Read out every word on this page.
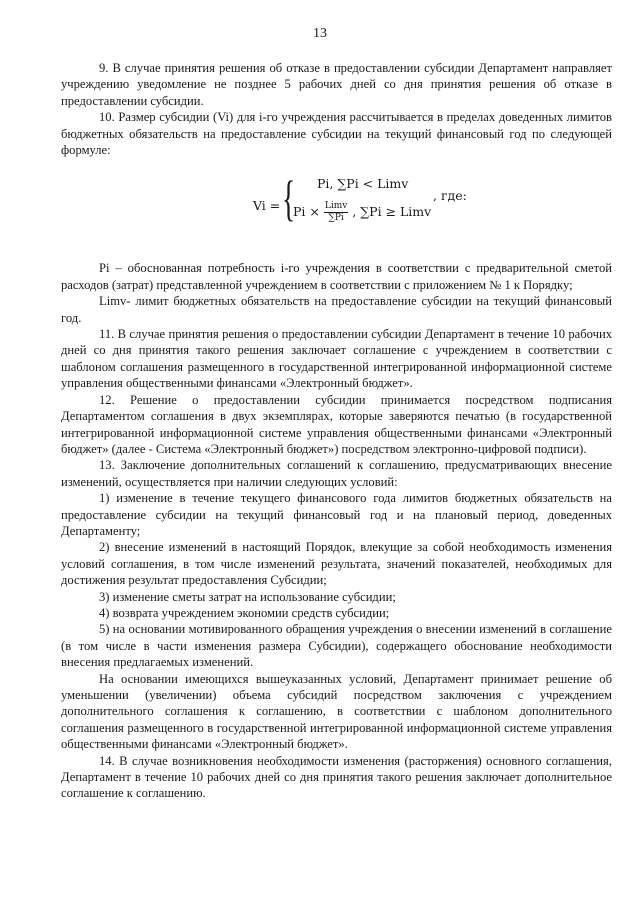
13

9. В случае принятия решения об отказе в предоставлении субсидии Департамент направляет учреждению уведомление не позднее 5 рабочих дней со дня принятия решения об отказе в предоставлении субсидии.

10. Размер субсидии (Vi) для i-го учреждения рассчитывается в пределах доведенных лимитов бюджетных обязательств на предоставление субсидии на текущий финансовый год по следующей формуле:

Vi = { Pi, ∑Pi < Limv
$Pi \times \frac{\text{Limv}}{\sum Pi}$ , ∑Pi ≥ Limv
, где:

Pi – обоснованная потребность i-го учреждения в соответствии с предварительной сметой расходов (затрат) представленной учреждением в соответствии с приложением № 1 к Порядку;

Limv- лимит бюджетных обязательств на предоставление субсидии на текущий финансовый год.

11. В случае принятия решения о предоставлении субсидии Департамент в течение 10 рабочих дней со дня принятия такого решения заключает соглашение с учреждением в соответствии с шаблоном соглашения размещенного в государственной интегрированной информационной системе управления общественными финансами «Электронный бюджет».

12. Решение о предоставлении субсидии принимается посредством подписания Департаментом соглашения в двух экземплярах, которые заверяются печатью (в государственной интегрированной информационной системе управления общественными финансами «Электронный бюджет» (далее - Система «Электронный бюджет») посредством электронно-цифровой подписи).

13. Заключение дополнительных соглашений к соглашению, предусматривающих внесение изменений, осуществляется при наличии следующих условий:

1) изменение в течение текущего финансового года лимитов бюджетных обязательств на предоставление субсидии на текущий финансовый год и на плановый период, доведенных Департаменту;

2) внесение изменений в настоящий Порядок, влекущие за собой необходимость изменения условий соглашения, в том числе изменений результата, значений показателей, необходимых для достижения результат предоставления Субсидии;

3) изменение сметы затрат на использование субсидии;

4) возврата учреждением экономии средств субсидии;

5) на основании мотивированного обращения учреждения о внесении изменений в соглашение (в том числе в части изменения размера Субсидии), содержащего обоснование необходимости внесения предлагаемых изменений.

На основании имеющихся вышеуказанных условий, Департамент принимает решение об уменьшении (увеличении) объема субсидий посредством заключения с учреждением дополнительного соглашения к соглашению, в соответствии с шаблоном дополнительного соглашения размещенного в государственной интегрированной информационной системе управления общественными финансами «Электронный бюджет».

14. В случае возникновения необходимости изменения (расторжения) основного соглашения, Департамент в течение 10 рабочих дней со дня принятия такого решения заключает дополнительное соглашение к соглашению.
